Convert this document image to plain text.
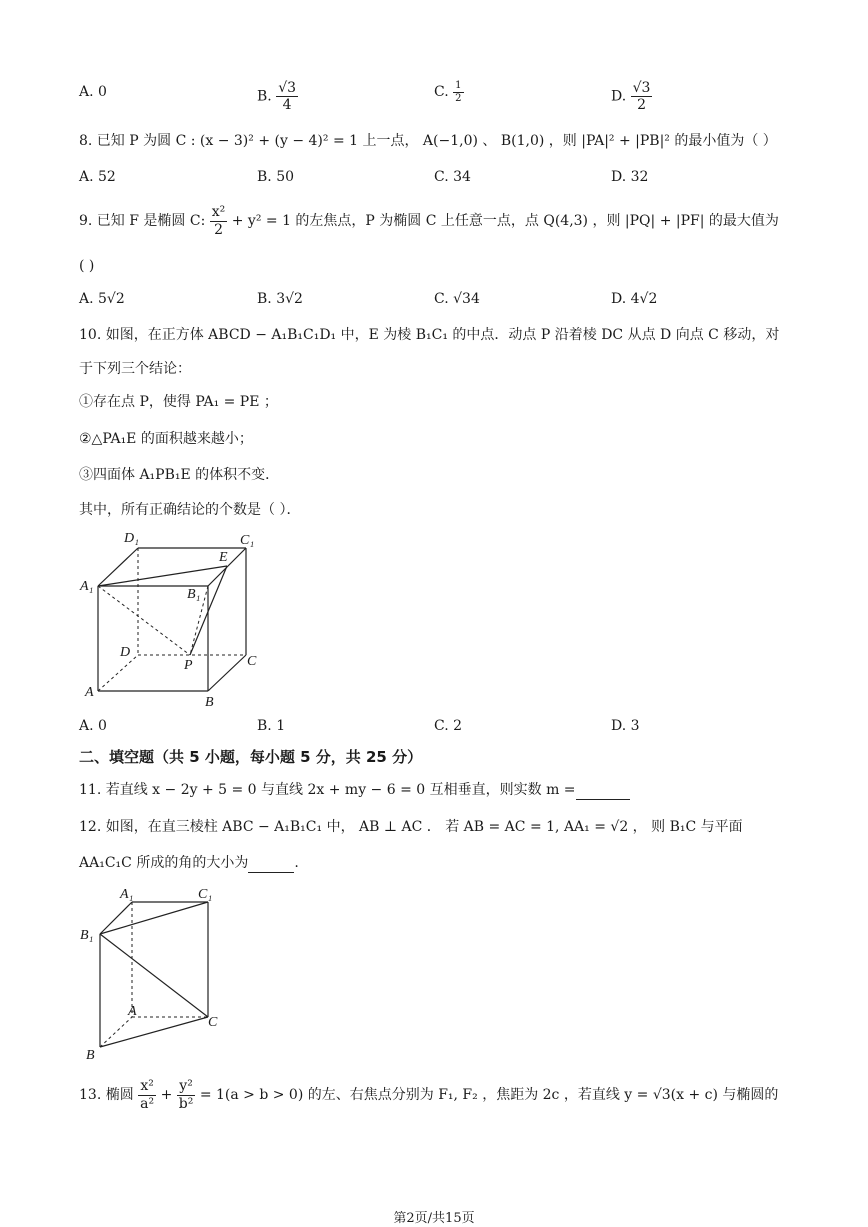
A. 0	B. $\frac{√3}{4}$	C. $\frac{1}{2}$	D. $\frac{√3}{2}$
8. 已知 P 为圆 C : (x − 3)² + (y − 4)² = 1 上一点， A(−1,0) 、 B(1,0) ，则 |PA|² + |PB|² 的最小值为（ ）
A. 52	B. 50	C. 34	D. 32
9. 已知 F 是椭圆 C: $\frac{\text{x²}}{2} + y^2 = 1$ 的左焦点，P 为椭圆 C 上任意一点，点 Q(4,3) ，则 |PQ| + |PF| 的最大值为
( )
A. 5√2	B. 3√2	C. √34	D. 4√2
10. 如图，在正方体 ABCD − A₁B₁C₁D₁ 中，E 为棱 B₁C₁ 的中点．动点 P 沿着棱 DC 从点 D 向点 C 移动，对
于下列三个结论：
①存在点 P，使得 PA₁ = PE ；
②△PA₁E 的面积越来越小；
③四面体 A₁PB₁E 的体积不变．
其中，所有正确结论的个数是（ ）．
D₁	C₁
E
A₁
B₁
D
P	C
A
B
A. 0	B. 1	C. 2	D. 3
二、填空题（共 5 小题，每小题 5 分，共 25 分）
11. 若直线 x − 2y + 5 = 0 与直线 2x + my − 6 = 0 互相垂直，则实数 m =
12. 如图，在直三棱柱 ABC − A₁B₁C₁ 中， AB ⊥ AC ． 若 AB = AC = 1, AA₁ = √2 ， 则 B₁C 与平面
AA₁C₁C 所成的角的大小为	.
A₁	C₁
B₁
A
C
B
13. 椭圆 $\frac{\text{x²}}{\text{a²}} + \frac{\text{y²}}{\text{b²}} = 1(a > b > 0)$ 的左、右焦点分别为 F₁, F₂ ，焦距为 2c ，若直线 y = √3(x + c) 与椭圆的
第2页/共15页
